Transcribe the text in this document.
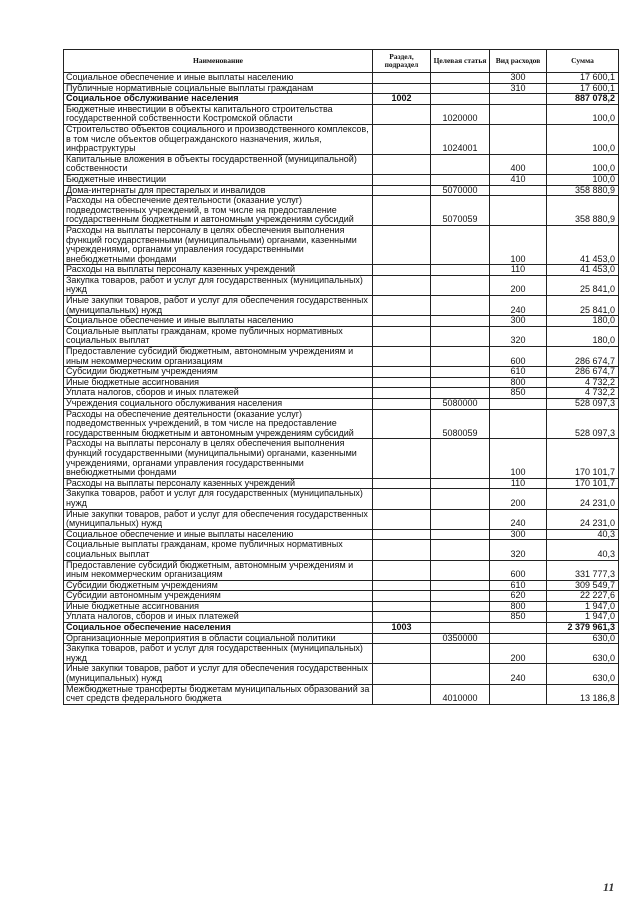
Наименование	Раздел, подраздел	Целевая статья	Вид расходов	Сумма
Социальное обеспечение и иные выплаты населению			300	17 600,1
Публичные нормативные социальные выплаты гражданам			310	17 600,1
Социальное обслуживание населения	1002			887 078,2
Бюджетные инвестиции в объекты капитального строительства государственной собственности Костромской области		1020000		100,0
Строительство объектов социального и производственного комплексов, в том числе объектов общегражданского назначения, жилья, инфраструктуры		1024001		100,0
Капитальные вложения в объекты государственной (муниципальной) собственности			400	100,0
Бюджетные инвестиции			410	100,0
Дома-интернаты для престарелых и инвалидов		5070000		358 880,9
Расходы на обеспечение деятельности (оказание услуг) подведомственных учреждений, в том числе на предоставление государственным бюджетным и автономным учреждениям субсидий		5070059		358 880,9
Расходы на выплаты персоналу в целях обеспечения выполнения функций государственными (муниципальными) органами, казенными учреждениями, органами управления государственными внебюджетными фондами			100	41 453,0
Расходы на выплаты персоналу казенных учреждений			110	41 453,0
Закупка товаров, работ и услуг для государственных (муниципальных) нужд			200	25 841,0
Иные закупки товаров, работ и услуг для обеспечения государственных (муниципальных) нужд			240	25 841,0
Социальное обеспечение и иные выплаты населению			300	180,0
Социальные выплаты гражданам, кроме публичных нормативных социальных выплат			320	180,0
Предоставление субсидий бюджетным, автономным учреждениям и иным некоммерческим организациям			600	286 674,7
Субсидии бюджетным учреждениям			610	286 674,7
Иные бюджетные ассигнования			800	4 732,2
Уплата налогов, сборов и иных платежей			850	4 732,2
Учреждения социального обслуживания населения		5080000		528 097,3
Расходы на обеспечение деятельности (оказание услуг) подведомственных учреждений, в том числе на предоставление государственным бюджетным и автономным учреждениям субсидий		5080059		528 097,3
Расходы на выплаты персоналу в целях обеспечения выполнения функций государственными (муниципальными) органами, казенными учреждениями, органами управления государственными внебюджетными фондами			100	170 101,7
Расходы на выплаты персоналу казенных учреждений			110	170 101,7
Закупка товаров, работ и услуг для государственных (муниципальных) нужд			200	24 231,0
Иные закупки товаров, работ и услуг для обеспечения государственных (муниципальных) нужд			240	24 231,0
Социальное обеспечение и иные выплаты населению			300	40,3
Социальные выплаты гражданам, кроме публичных нормативных социальных выплат			320	40,3
Предоставление субсидий бюджетным, автономным учреждениям и иным некоммерческим организациям			600	331 777,3
Субсидии бюджетным учреждениям			610	309 549,7
Субсидии автономным учреждениям			620	22 227,6
Иные бюджетные ассигнования			800	1 947,0
Уплата налогов, сборов и иных платежей			850	1 947,0
Социальное обеспечение населения	1003			2 379 961,3
Организационные мероприятия в области социальной политики		0350000		630,0
Закупка товаров, работ и услуг для государственных (муниципальных) нужд			200	630,0
Иные закупки товаров, работ и услуг для обеспечения государственных (муниципальных) нужд			240	630,0
Межбюджетные трансферты бюджетам муниципальных образований за счет средств федерального бюджета		4010000		13 186,8
11
